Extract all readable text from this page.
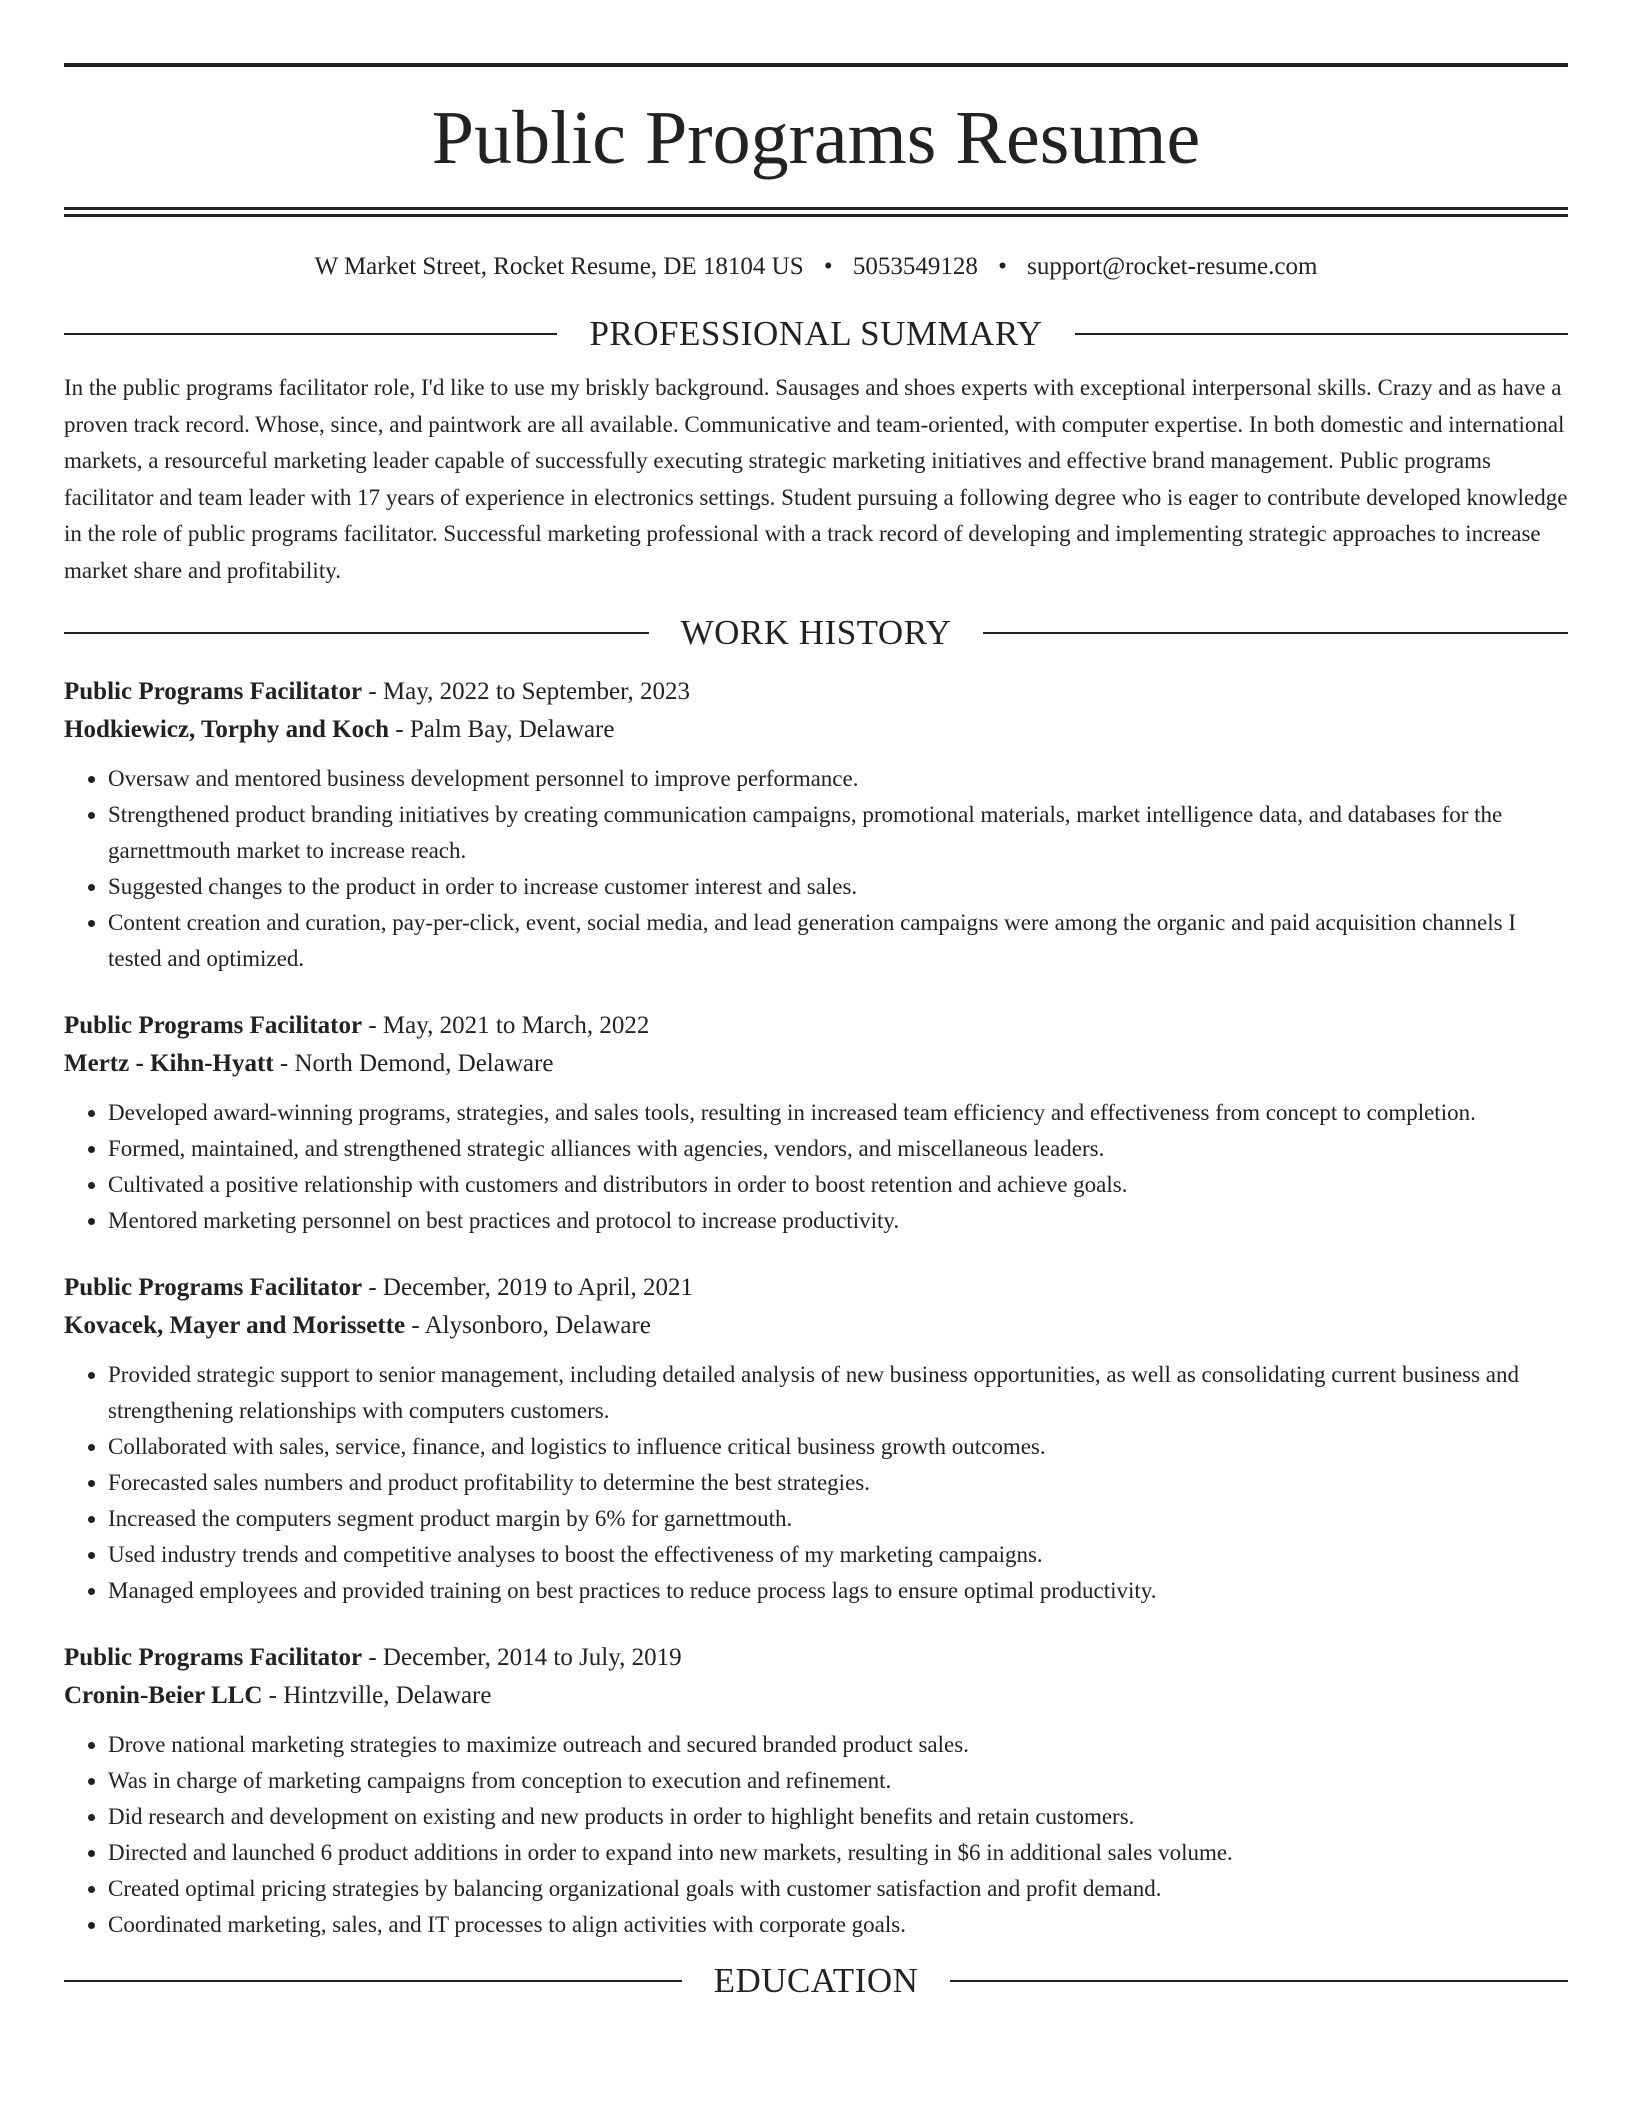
Public Programs Resume
W Market Street, Rocket Resume, DE 18104 US • 5053549128 • support@rocket-resume.com
PROFESSIONAL SUMMARY
In the public programs facilitator role, I'd like to use my briskly background. Sausages and shoes experts with exceptional interpersonal skills. Crazy and as have a proven track record. Whose, since, and paintwork are all available. Communicative and team-oriented, with computer expertise. In both domestic and international markets, a resourceful marketing leader capable of successfully executing strategic marketing initiatives and effective brand management. Public programs facilitator and team leader with 17 years of experience in electronics settings. Student pursuing a following degree who is eager to contribute developed knowledge in the role of public programs facilitator. Successful marketing professional with a track record of developing and implementing strategic approaches to increase market share and profitability.
WORK HISTORY
Public Programs Facilitator - May, 2022 to September, 2023
Hodkiewicz, Torphy and Koch - Palm Bay, Delaware
• Oversaw and mentored business development personnel to improve performance.
• Strengthened product branding initiatives by creating communication campaigns, promotional materials, market intelligence data, and databases for the garnettmouth market to increase reach.
• Suggested changes to the product in order to increase customer interest and sales.
• Content creation and curation, pay-per-click, event, social media, and lead generation campaigns were among the organic and paid acquisition channels I tested and optimized.
Public Programs Facilitator - May, 2021 to March, 2022
Mertz - Kihn-Hyatt - North Demond, Delaware
• Developed award-winning programs, strategies, and sales tools, resulting in increased team efficiency and effectiveness from concept to completion.
• Formed, maintained, and strengthened strategic alliances with agencies, vendors, and miscellaneous leaders.
• Cultivated a positive relationship with customers and distributors in order to boost retention and achieve goals.
• Mentored marketing personnel on best practices and protocol to increase productivity.
Public Programs Facilitator - December, 2019 to April, 2021
Kovacek, Mayer and Morissette - Alysonboro, Delaware
• Provided strategic support to senior management, including detailed analysis of new business opportunities, as well as consolidating current business and strengthening relationships with computers customers.
• Collaborated with sales, service, finance, and logistics to influence critical business growth outcomes.
• Forecasted sales numbers and product profitability to determine the best strategies.
• Increased the computers segment product margin by 6% for garnettmouth.
• Used industry trends and competitive analyses to boost the effectiveness of my marketing campaigns.
• Managed employees and provided training on best practices to reduce process lags to ensure optimal productivity.
Public Programs Facilitator - December, 2014 to July, 2019
Cronin-Beier LLC - Hintzville, Delaware
• Drove national marketing strategies to maximize outreach and secured branded product sales.
• Was in charge of marketing campaigns from conception to execution and refinement.
• Did research and development on existing and new products in order to highlight benefits and retain customers.
• Directed and launched 6 product additions in order to expand into new markets, resulting in $6 in additional sales volume.
• Created optimal pricing strategies by balancing organizational goals with customer satisfaction and profit demand.
• Coordinated marketing, sales, and IT processes to align activities with corporate goals.
EDUCATION
